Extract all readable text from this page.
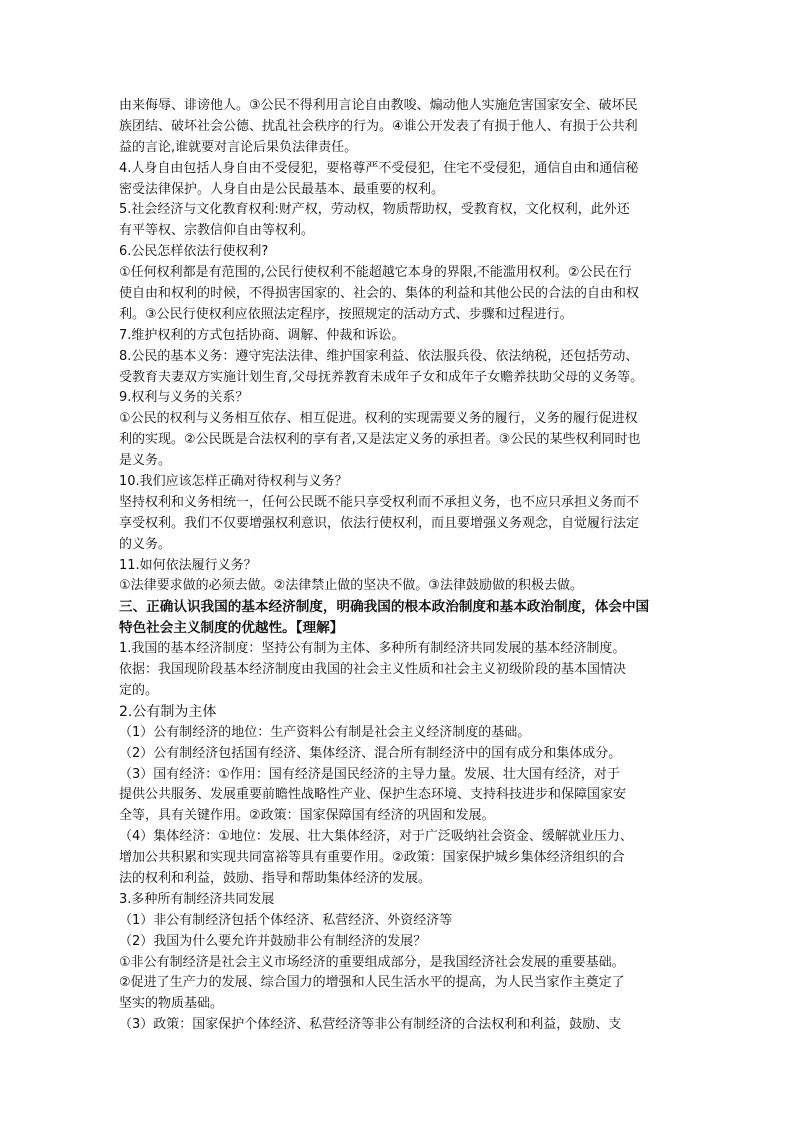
由来侮辱、诽谤他人。③公民不得利用言论自由教唆、煽动他人实施危害国家安全、破坏民
族团结、破坏社会公德、扰乱社会秩序的行为。④谁公开发表了有损于他人、有损于公共利
益的言论,谁就要对言论后果负法律责任。
4.人身自由包括人身自由不受侵犯，要格尊严不受侵犯，住宅不受侵犯，通信自由和通信秘
密受法律保护。人身自由是公民最基本、最重要的权利。
5.社会经济与文化教育权利:财产权，劳动权，物质帮助权，受教育权，文化权利，此外还
有平等权、宗教信仰自由等权利。
6.公民怎样依法行使权利?
①任何权利都是有范围的,公民行使权利不能超越它本身的界限,不能滥用权利。②公民在行
使自由和权利的时候，不得损害国家的、社会的、集体的利益和其他公民的合法的自由和权
利。③公民行使权利应依照法定程序，按照规定的活动方式、步骤和过程进行。
7.维护权利的方式包括协商、调解、仲裁和诉讼。
8.公民的基本义务：遵守宪法法律、维护国家利益、依法服兵役、依法纳税，还包括劳动、
受教育夫妻双方实施计划生育,父母抚养教育未成年子女和成年子女赡养扶助父母的义务等。
9.权利与义务的关系？
①公民的权利与义务相互依存、相互促进。权利的实现需要义务的履行，义务的履行促进权
利的实现。②公民既是合法权利的享有者,又是法定义务的承担者。③公民的某些权利同时也
是义务。
10.我们应该怎样正确对待权利与义务？
坚持权利和义务相统一，任何公民既不能只享受权利而不承担义务，也不应只承担义务而不
享受权利。我们不仅要增强权利意识，依法行使权利，而且要增强义务观念，自觉履行法定
的义务。
11.如何依法履行义务？
①法律要求做的必须去做。②法律禁止做的坚决不做。③法律鼓励做的积极去做。
三、正确认识我国的基本经济制度，明确我国的根本政治制度和基本政治制度，体会中国
特色社会主义制度的优越性。【理解】
1.我国的基本经济制度：坚持公有制为主体、多种所有制经济共同发展的基本经济制度。
依据：我国现阶段基本经济制度由我国的社会主义性质和社会主义初级阶段的基本国情决
定的。
2.公有制为主体
（1）公有制经济的地位：生产资料公有制是社会主义经济制度的基础。
（2）公有制经济包括国有经济、集体经济、混合所有制经济中的国有成分和集体成分。
（3）国有经济：①作用：国有经济是国民经济的主导力量。发展、壮大国有经济，对于
提供公共服务、发展重要前瞻性战略性产业、保护生态环境、支持科技进步和保障国家安
全等，具有关键作用。②政策：国家保障国有经济的巩固和发展。
（4）集体经济：①地位：发展、壮大集体经济，对于广泛吸纳社会资金、缓解就业压力、
增加公共积累和实现共同富裕等具有重要作用。②政策：国家保护城乡集体经济组织的合
法的权利和利益，鼓励、指导和帮助集体经济的发展。
3.多种所有制经济共同发展
（1）非公有制经济包括个体经济、私营经济、外资经济等
（2）我国为什么要允许并鼓励非公有制经济的发展？
①非公有制经济是社会主义市场经济的重要组成部分，是我国经济社会发展的重要基础。
②促进了生产力的发展、综合国力的增强和人民生活水平的提高，为人民当家作主奠定了
坚实的物质基础。
（3）政策：国家保护个体经济、私营经济等非公有制经济的合法权利和利益，鼓励、支
